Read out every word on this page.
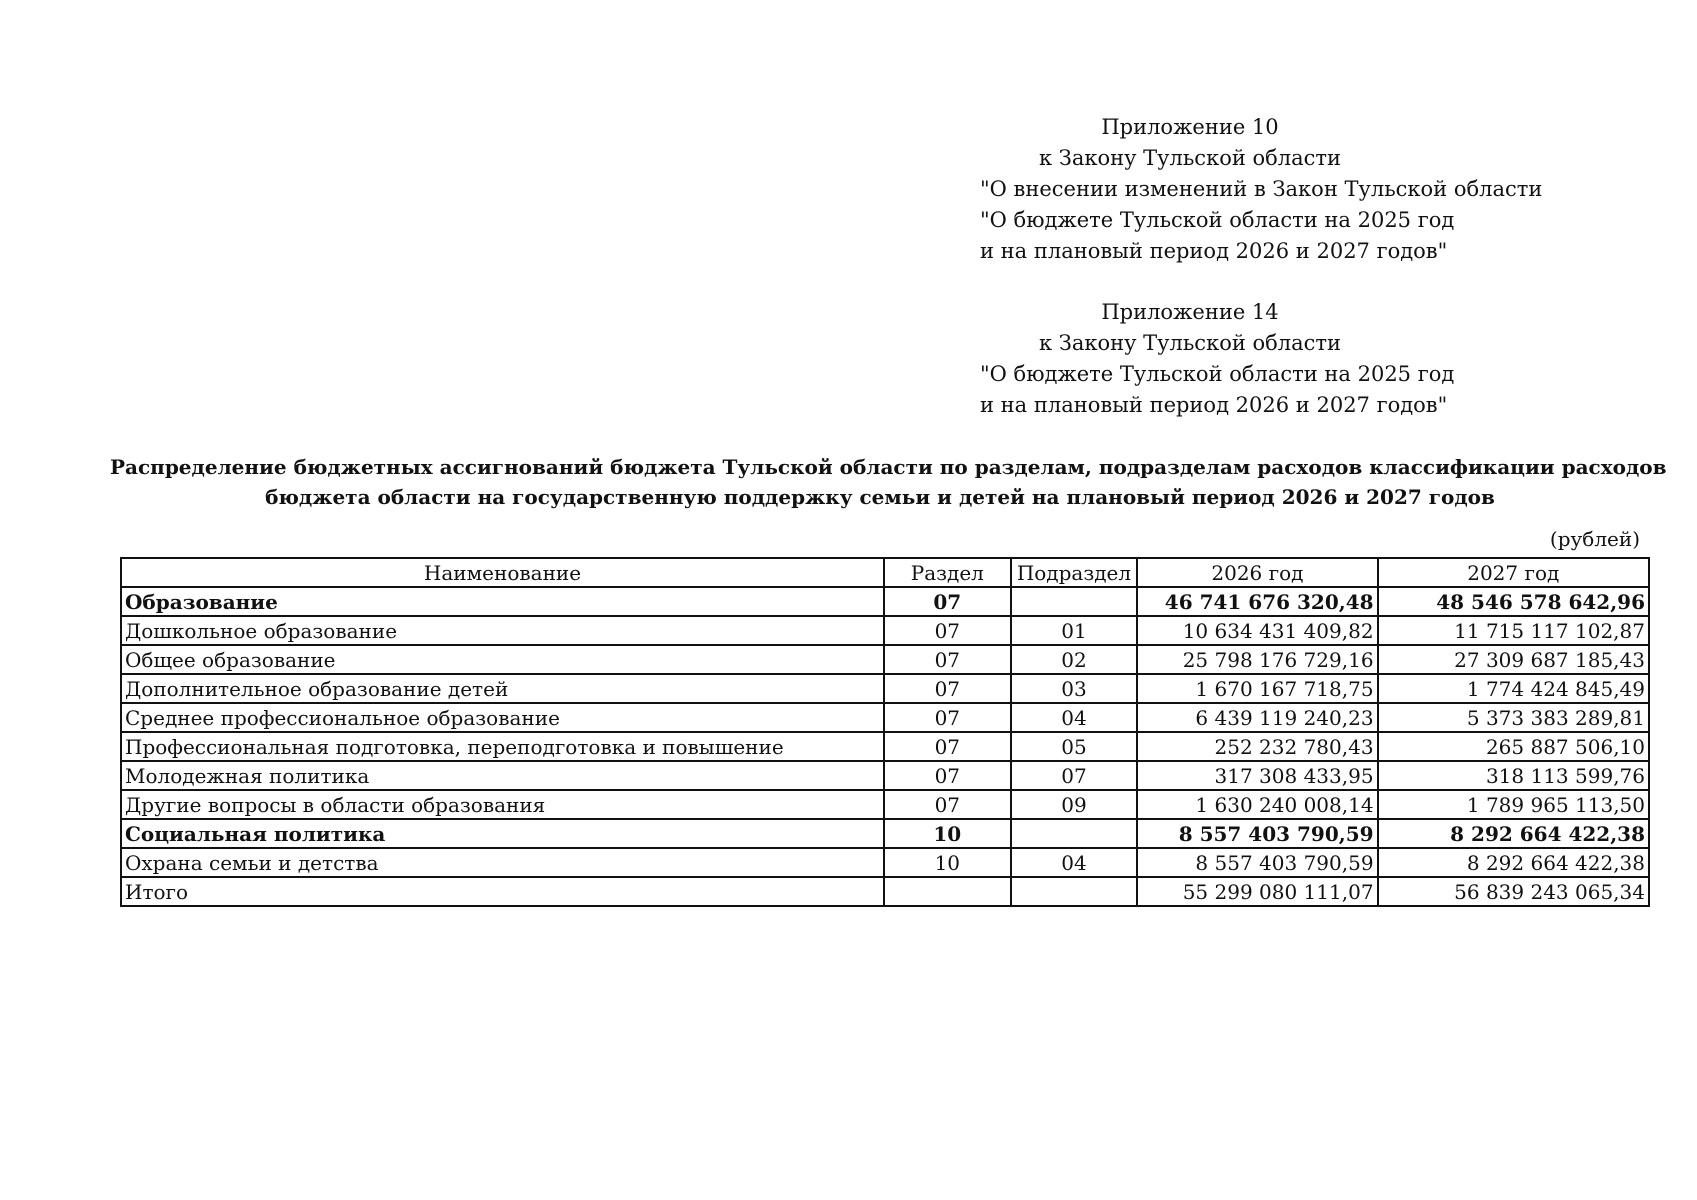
Приложение 10
к Закону Тульской области
"О внесении изменений в Закон Тульской области
"О бюджете Тульской области на 2025 год
и на плановый период 2026 и 2027 годов"
Приложение 14
к Закону Тульской области
"О бюджете Тульской области на 2025 год
и на плановый период 2026 и 2027 годов"
Распределение бюджетных ассигнований бюджета Тульской области по разделам, подразделам расходов классификации расходов
бюджета области на государственную поддержку семьи и детей на плановый период 2026 и 2027 годов
(рублей)
Наименование	Раздел	Подраздел	2026 год	2027 год
Образование	07		46 741 676 320,48	48 546 578 642,96
Дошкольное образование	07	01	10 634 431 409,82	11 715 117 102,87
Общее образование	07	02	25 798 176 729,16	27 309 687 185,43
Дополнительное образование детей	07	03	1 670 167 718,75	1 774 424 845,49
Среднее профессиональное образование	07	04	6 439 119 240,23	5 373 383 289,81
Профессиональная подготовка, переподготовка и повышение	07	05	252 232 780,43	265 887 506,10
Молодежная политика	07	07	317 308 433,95	318 113 599,76
Другие вопросы в области образования	07	09	1 630 240 008,14	1 789 965 113,50
Социальная политика	10		8 557 403 790,59	8 292 664 422,38
Охрана семьи и детства	10	04	8 557 403 790,59	8 292 664 422,38
Итого			55 299 080 111,07	56 839 243 065,34
